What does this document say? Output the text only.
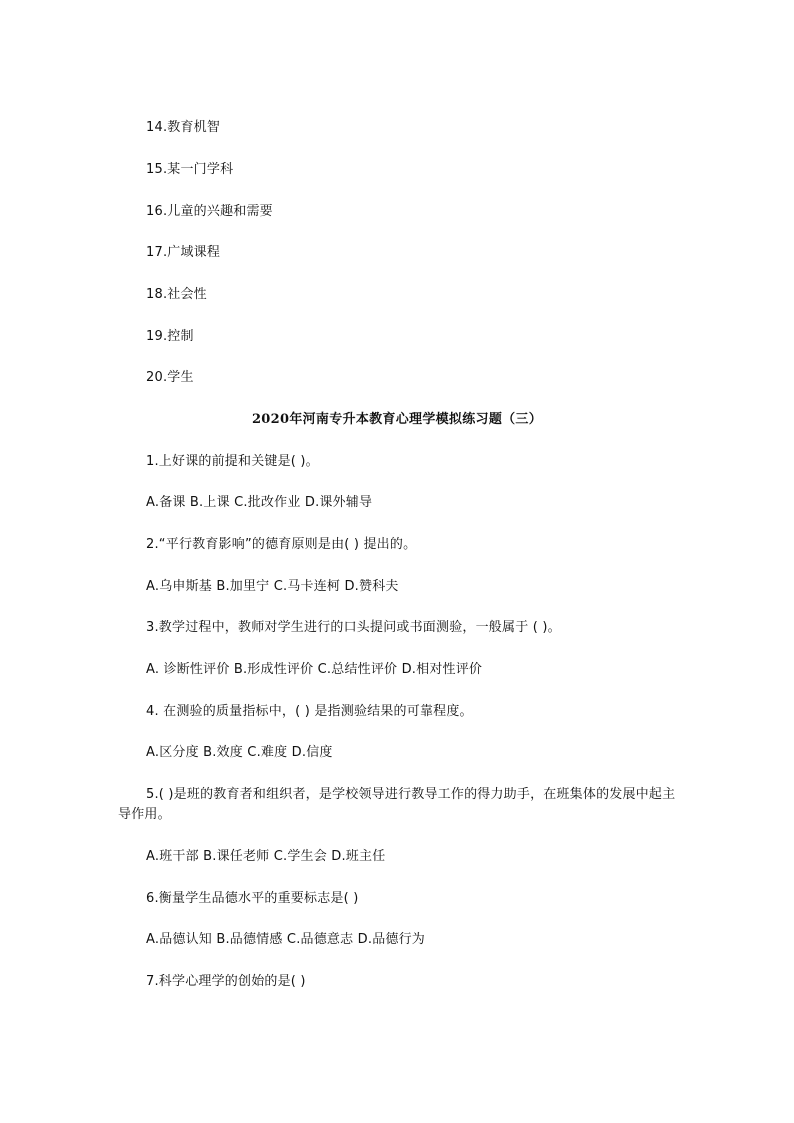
14.教育机智
15.某一门学科
16.儿童的兴趣和需要
17.广域课程
18.社会性
19.控制
20.学生
2020年河南专升本教育心理学模拟练习题（三）
1.上好课的前提和关键是( )。
A.备课 B.上课 C.批改作业 D.课外辅导
2.“平行教育影响”的德育原则是由( ) 提出的。
A.乌申斯基 B.加里宁 C.马卡连柯 D.赞科夫
3.教学过程中，教师对学生进行的口头提问或书面测验，一般属于 ( )。
A. 诊断性评价 B.形成性评价 C.总结性评价 D.相对性评价
4. 在测验的质量指标中，( ) 是指测验结果的可靠程度。
A.区分度 B.效度 C.难度 D.信度
5.( )是班的教育者和组织者，是学校领导进行教导工作的得力助手，在班集体的发展中起主导作用。
A.班干部 B.课任老师 C.学生会 D.班主任
6.衡量学生品德水平的重要标志是( )
A.品德认知 B.品德情感 C.品德意志 D.品德行为
7.科学心理学的创始的是( )
